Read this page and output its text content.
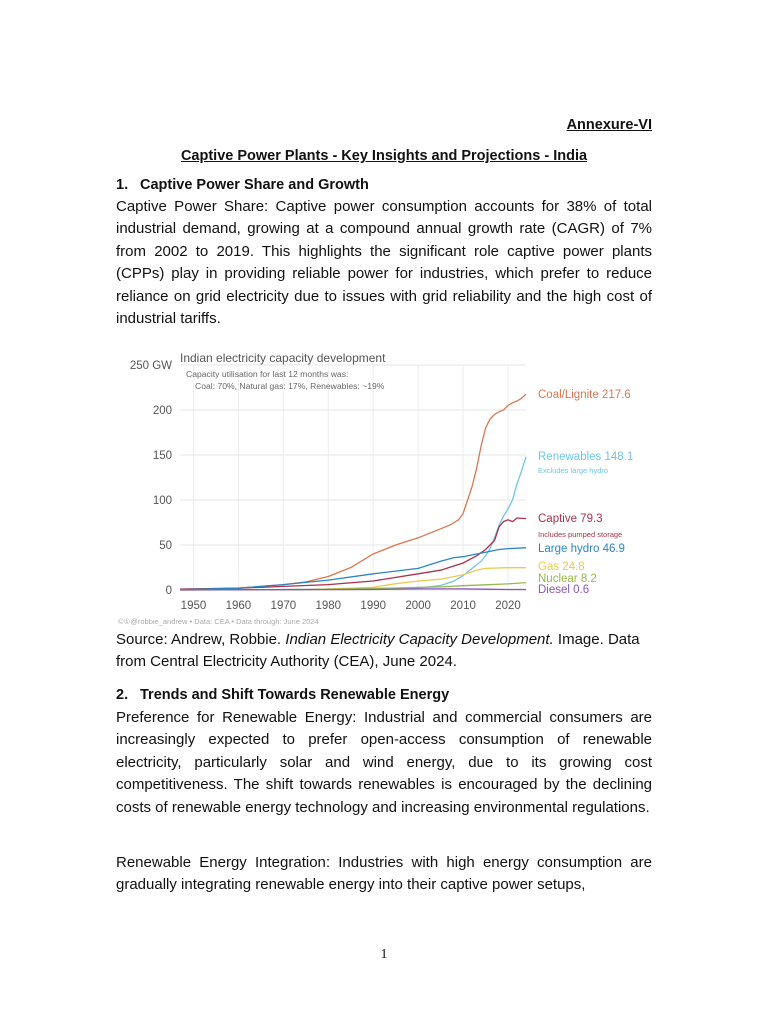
Annexure-VI
Captive Power Plants - Key Insights and Projections - India
1. Captive Power Share and Growth

Captive Power Share: Captive power consumption accounts for 38% of total industrial demand, growing at a compound annual growth rate (CAGR) of 7% from 2002 to 2019. This highlights the significant role captive power plants (CPPs) play in providing reliable power for industries, which prefer to reduce reliance on grid electricity due to issues with grid reliability and the high cost of industrial tariffs.

250 GW
200
150
100
50
0
1950 1960 1970 1980 1990 2000 2010 2020
Coal/Lignite 217.6
Renewables 148.1
Excludes large hydro
Captive 79.3
Includes pumped storage
Large hydro 46.9
Gas 24.8
Nuclear 8.2
Diesel 0.6
Indian electricity capacity development
Capacity utilisation for last 12 months was:
Coal: 70%, Natural gas: 17%, Renewables: ~19%
©①@robbie_andrew • Data: CEA • Data through: June 2024

Source: Andrew, Robbie. Indian Electricity Capacity Development. Image. Data from Central Electricity Authority (CEA), June 2024.

2. Trends and Shift Towards Renewable Energy

Preference for Renewable Energy: Industrial and commercial consumers are increasingly expected to prefer open-access consumption of renewable electricity, particularly solar and wind energy, due to its growing cost competitiveness. The shift towards renewables is encouraged by the declining costs of renewable energy technology and increasing environmental regulations.

Renewable Energy Integration: Industries with high energy consumption are gradually integrating renewable energy into their captive power setups,

1
